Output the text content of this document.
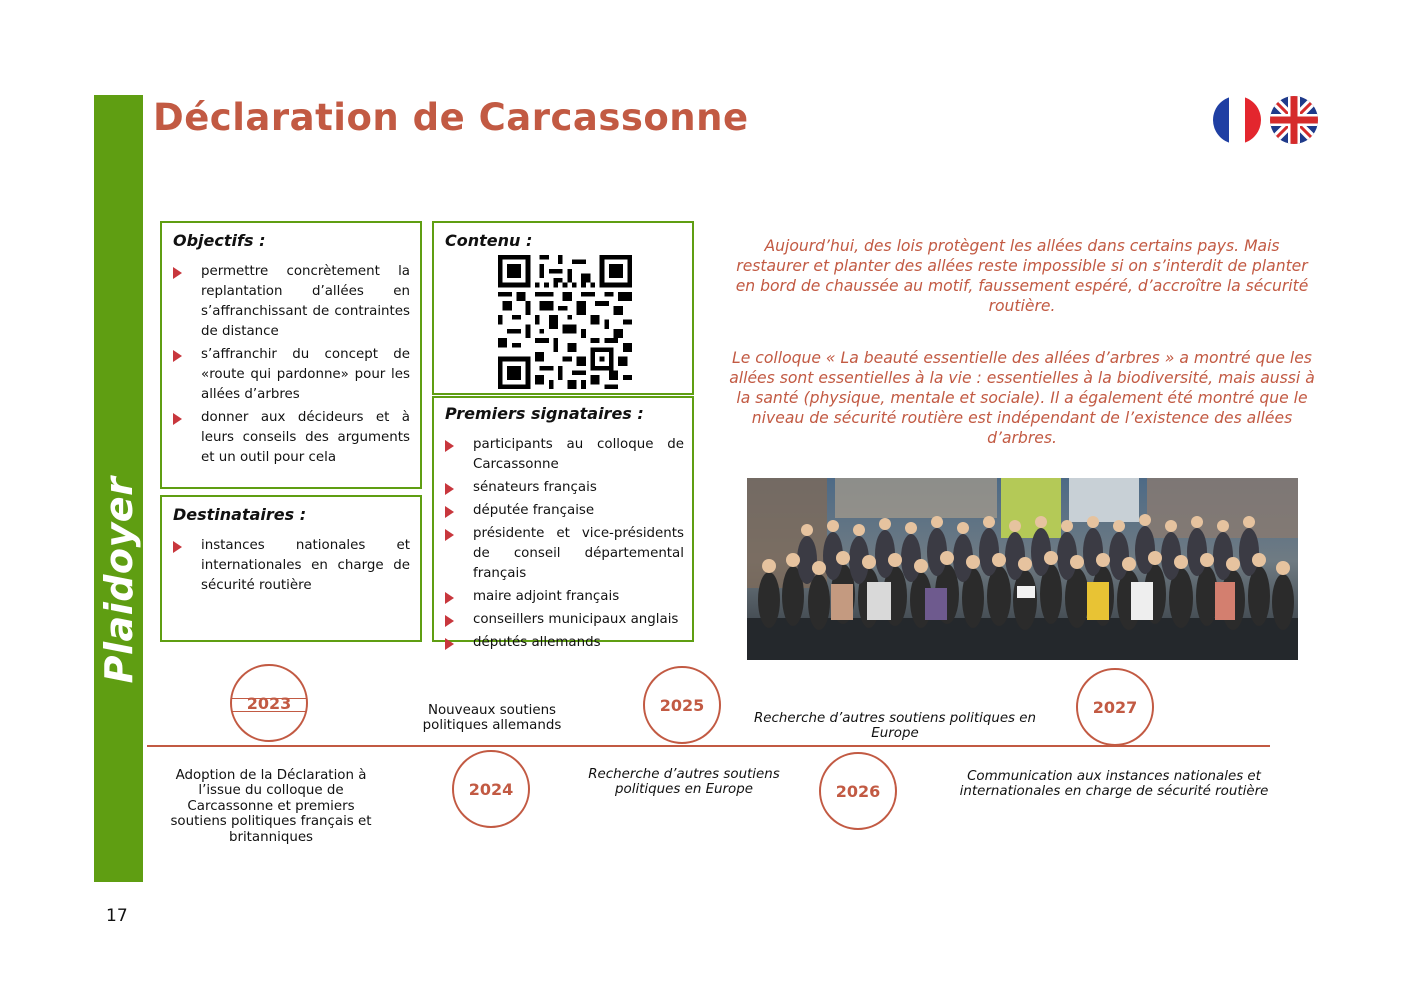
Plaidoyer
Déclaration de Carcassonne
Objectifs :
permettre concrètement la replantation d’allées en s’affranchissant de contraintes de distance
s’affranchir du concept de «route qui pardonne» pour les allées d’arbres
donner aux décideurs et à leurs conseils des arguments et un outil pour cela
Destinataires :
instances nationales et internationales en charge de sécurité routière
Contenu :
Premiers signataires :
participants au colloque de Carcassonne
sénateurs français
députée française
présidente et vice-présidents de conseil départemental français
maire adjoint français
conseillers municipaux anglais
députés allemands

Aujourd’hui, des lois protègent les allées dans certains pays. Mais restaurer et planter des allées reste impossible si on s’interdit de planter en bord de chaussée au motif, faussement espéré, d’accroître la sécurité routière.

Le colloque « La beauté essentielle des allées d’arbres » a montré que les allées sont essentielles à la vie : essentielles à la biodiversité, mais aussi à la santé (physique, mentale et sociale). Il a également été montré que le niveau de sécurité routière est indépendant de l’existence des allées d’arbres.

2023
2024
2025
2026
2027
Adoption de la Déclaration à l’issue du colloque de Carcassonne et premiers soutiens politiques français et britanniques
Nouveaux soutiens politiques allemands
Recherche d’autres soutiens politiques en Europe
Recherche d’autres soutiens politiques en Europe
Communication aux instances nationales et internationales en charge de sécurité routière
17
